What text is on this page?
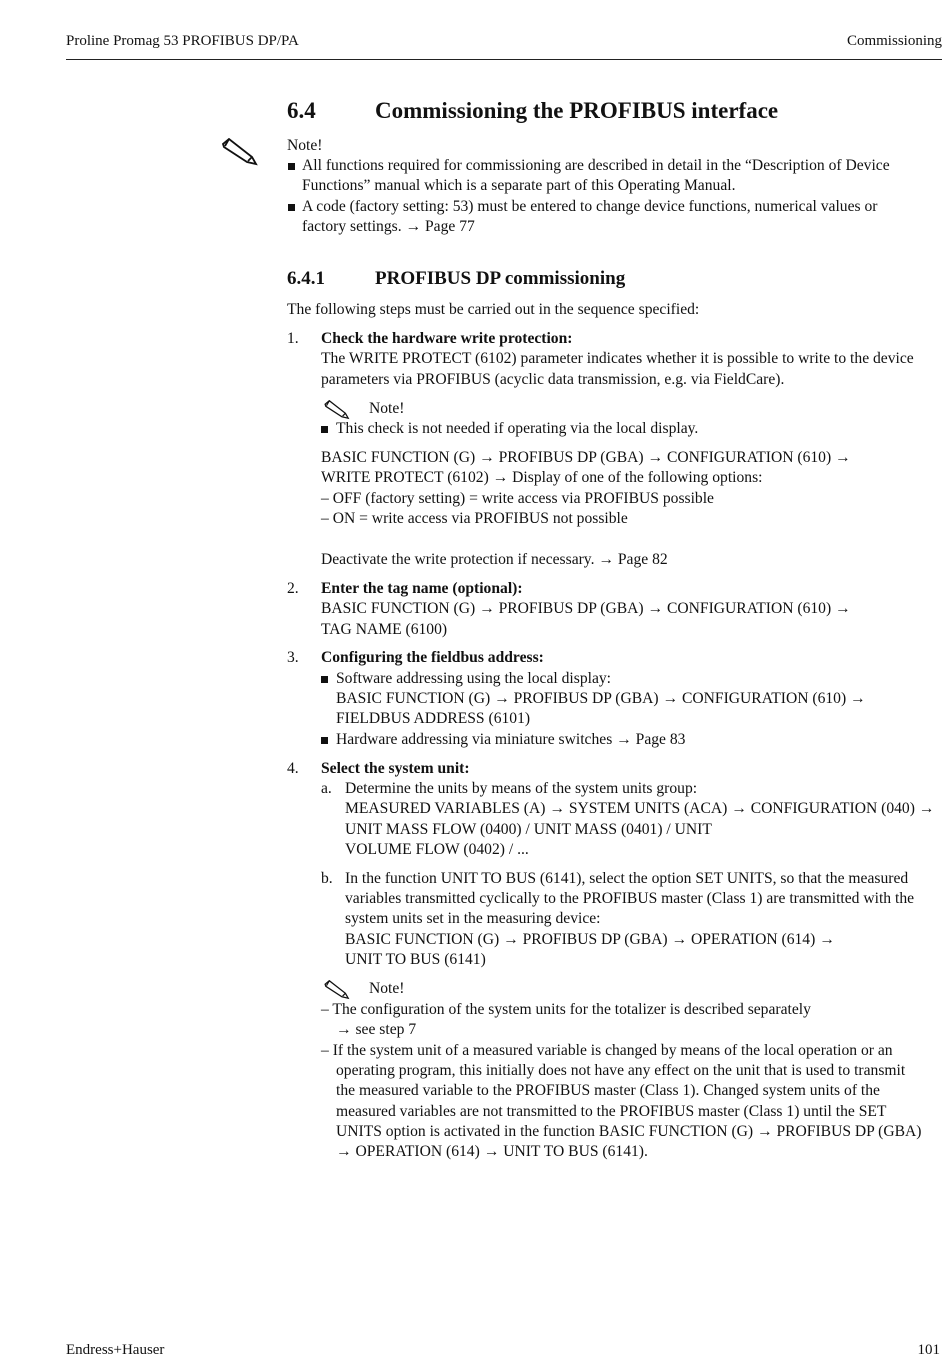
Proline Promag 53 PROFIBUS DP/PA
6.4	Commissioning the PROFIBUS interface
Note!
All functions required for commissioning are described in detail in the “Description of Device
Functions” manual which is a separate part of this Operating Manual.
A code (factory setting: 53) must be entered to change device functions, numerical values or
factory settings. → Page 77
6.4.1	PROFIBUS DP commissioning
The following steps must be carried out in the sequence specified:
1. Check the hardware write protection:
The WRITE PROTECT (6102) parameter indicates whether it is possible to write to the device
parameters via PROFIBUS (acyclic data transmission, e.g. via FieldCare).
Note!
This check is not needed if operating via the local display.
BASIC FUNCTION (G) → PROFIBUS DP (GBA) → CONFIGURATION (610) →
WRITE PROTECT (6102) → Display of one of the following options:
– OFF (factory setting) = write access via PROFIBUS possible
– ON = write access via PROFIBUS not possible
Deactivate the write protection if necessary. → Page 82
2. Enter the tag name (optional):
BASIC FUNCTION (G) → PROFIBUS DP (GBA) → CONFIGURATION (610) →
TAG NAME (6100)
3. Configuring the fieldbus address:
Software addressing using the local display:
BASIC FUNCTION (G) → PROFIBUS DP (GBA) → CONFIGURATION (610) →
FIELDBUS ADDRESS (6101)
Hardware addressing via miniature switches → Page 83
4. Select the system unit:
a. Determine the units by means of the system units group:
MEASURED VARIABLES (A) → SYSTEM UNITS (ACA) → CONFIGURATION (040) →
UNIT MASS FLOW (0400) / UNIT MASS (0401) / UNIT
VOLUME FLOW (0402) / ...
b. In the function UNIT TO BUS (6141), select the option SET UNITS, so that the measured
variables transmitted cyclically to the PROFIBUS master (Class 1) are transmitted with the
system units set in the measuring device:
BASIC FUNCTION (G) → PROFIBUS DP (GBA) → OPERATION (614) →
UNIT TO BUS (6141)
Note!
– The configuration of the system units for the totalizer is described separately
→ see step 7
– If the system unit of a measured variable is changed by means of the local operation or an
operating program, this initially does not have any effect on the unit that is used to transmit
the measured variable to the PROFIBUS master (Class 1). Changed system units of the
measured variables are not transmitted to the PROFIBUS master (Class 1) until the SET
UNITS option is activated in the function BASIC FUNCTION (G) → PROFIBUS DP (GBA)
→ OPERATION (614) → UNIT TO BUS (6141).
Endress+Hauser	101
Commissioning
